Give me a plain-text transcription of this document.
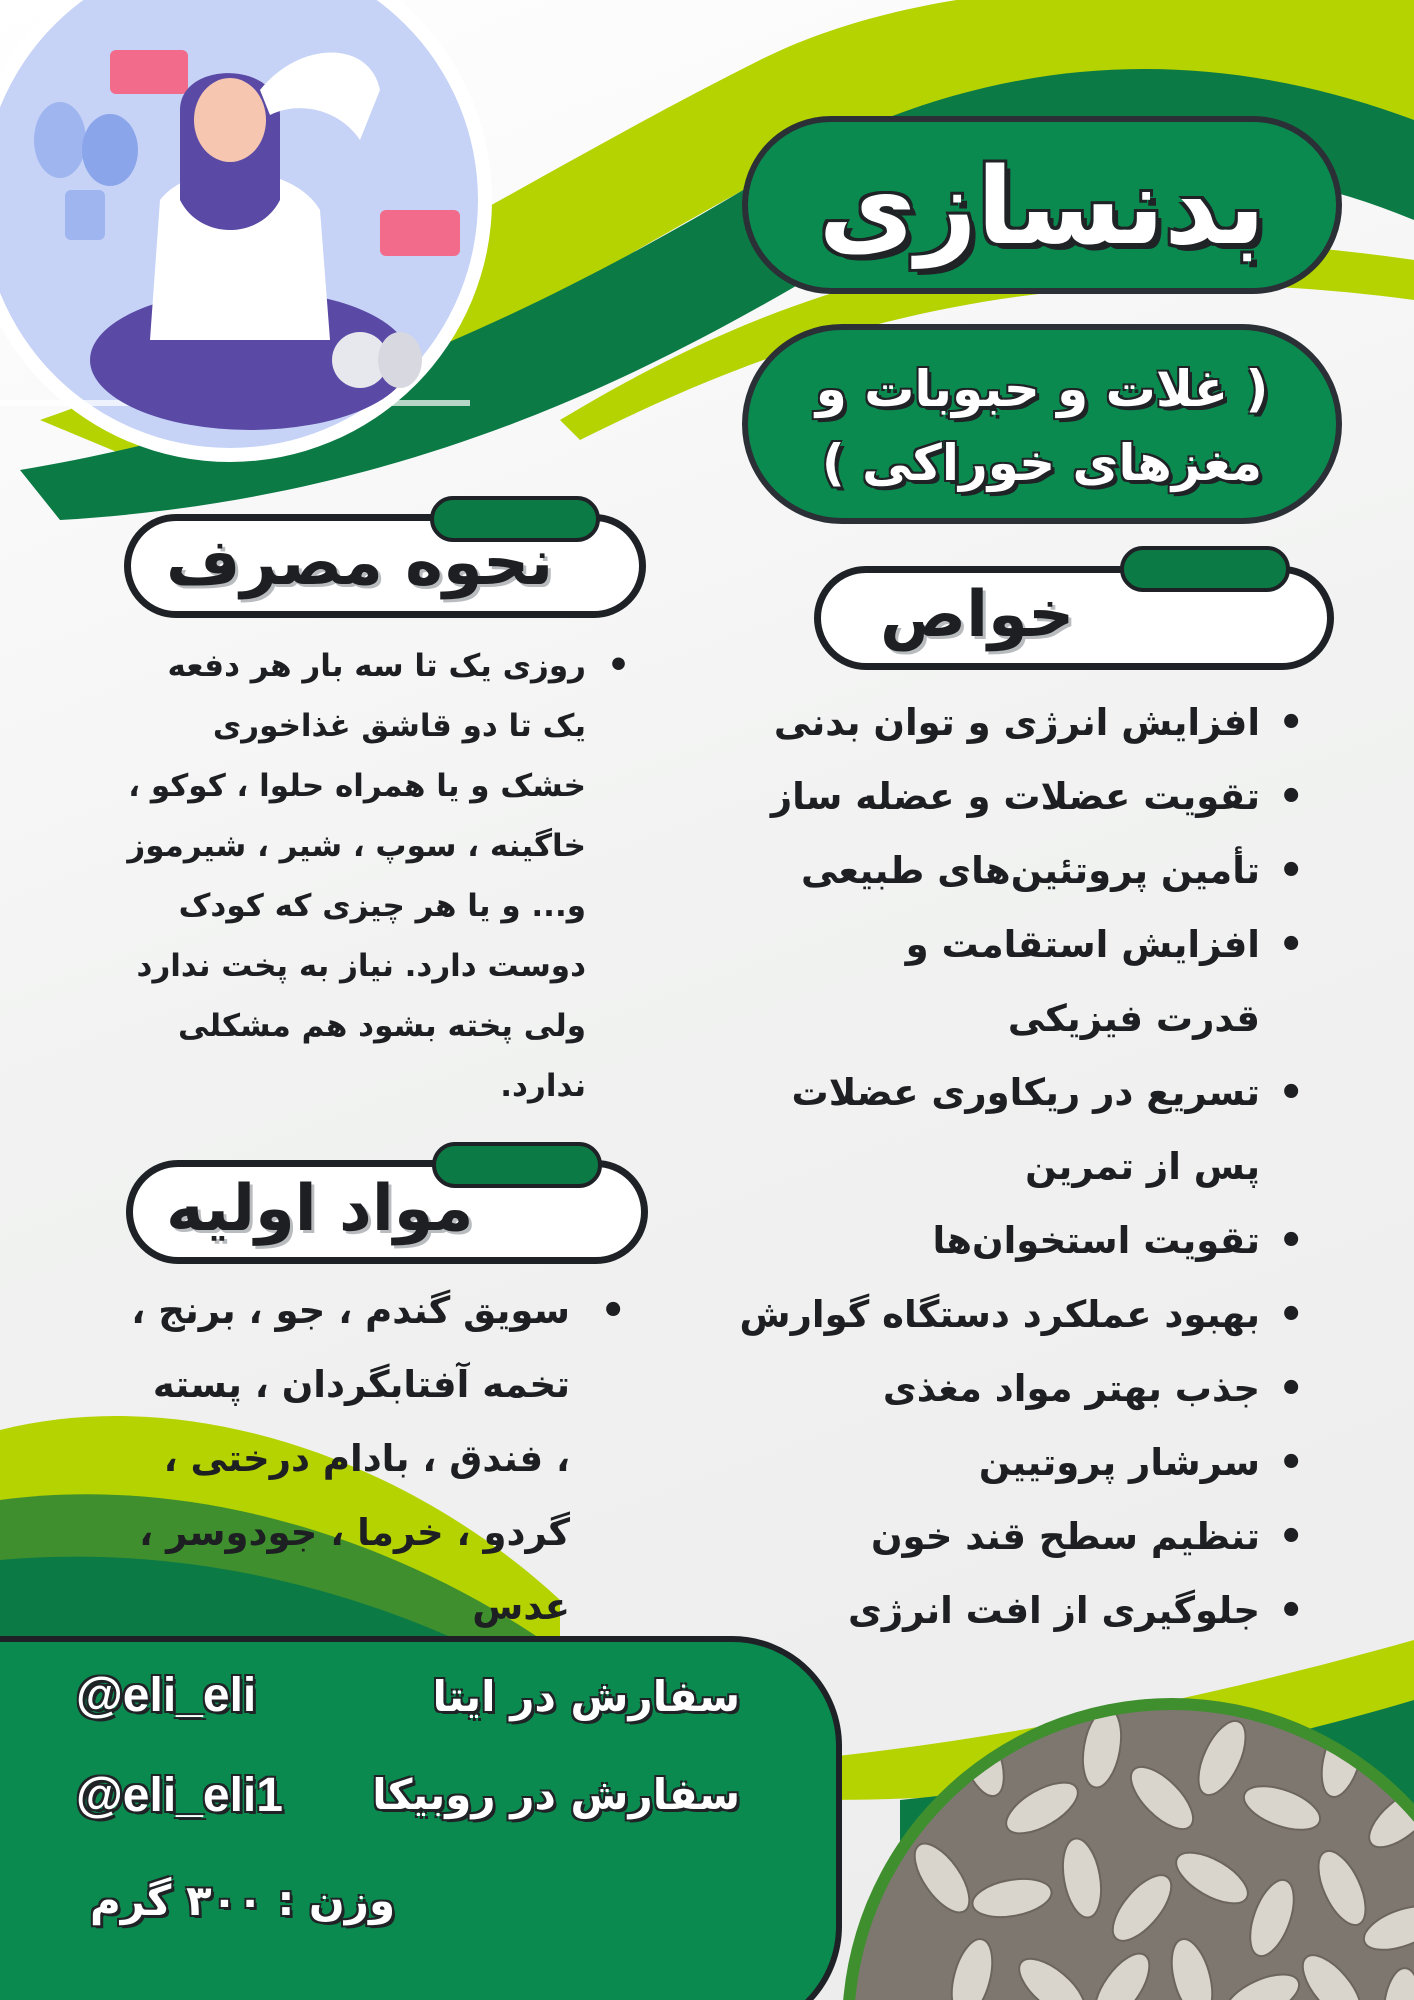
بدنسازی
( غلات و حبوبات و
مغزهای خوراکی )
خواص
• افزایش انرژی و توان بدنی
• تقویت عضلات و عضله ساز
• تأمین پروتئین‌های طبیعی
• افزایش استقامت و قدرت فیزیکی
• تسریع در ریکاوری عضلات پس از تمرین
• تقویت استخوان‌ها
• بهبود عملکرد دستگاه گوارش
• جذب بهتر مواد مغذی
• سرشار پروتیین
• تنظیم سطح قند خون
• جلوگیری از افت انرژی
نحوه مصرف
•
روزی یک تا سه بار هر دفعه
یک تا دو قاشق غذاخوری
خشک و یا همراه حلوا ، کوکو ،
خاگینه ، سوپ ، شیر ، شیرموز
و... و یا هر چیزی که کودک
دوست دارد. نیاز به پخت ندارد
ولی پخته بشود هم مشکلی
ندارد.
مواد اولیه
•
سویق گندم ، جو ، برنج ،
تخمه آفتابگردان ، پسته
، فندق ، بادام درختی ،
گردو ، خرما ، جودوسر ،
عدس
سفارش در ایتا
@eli_eli
سفارش در روبیکا
@eli_eli1
وزن : ۳۰۰ گرم
